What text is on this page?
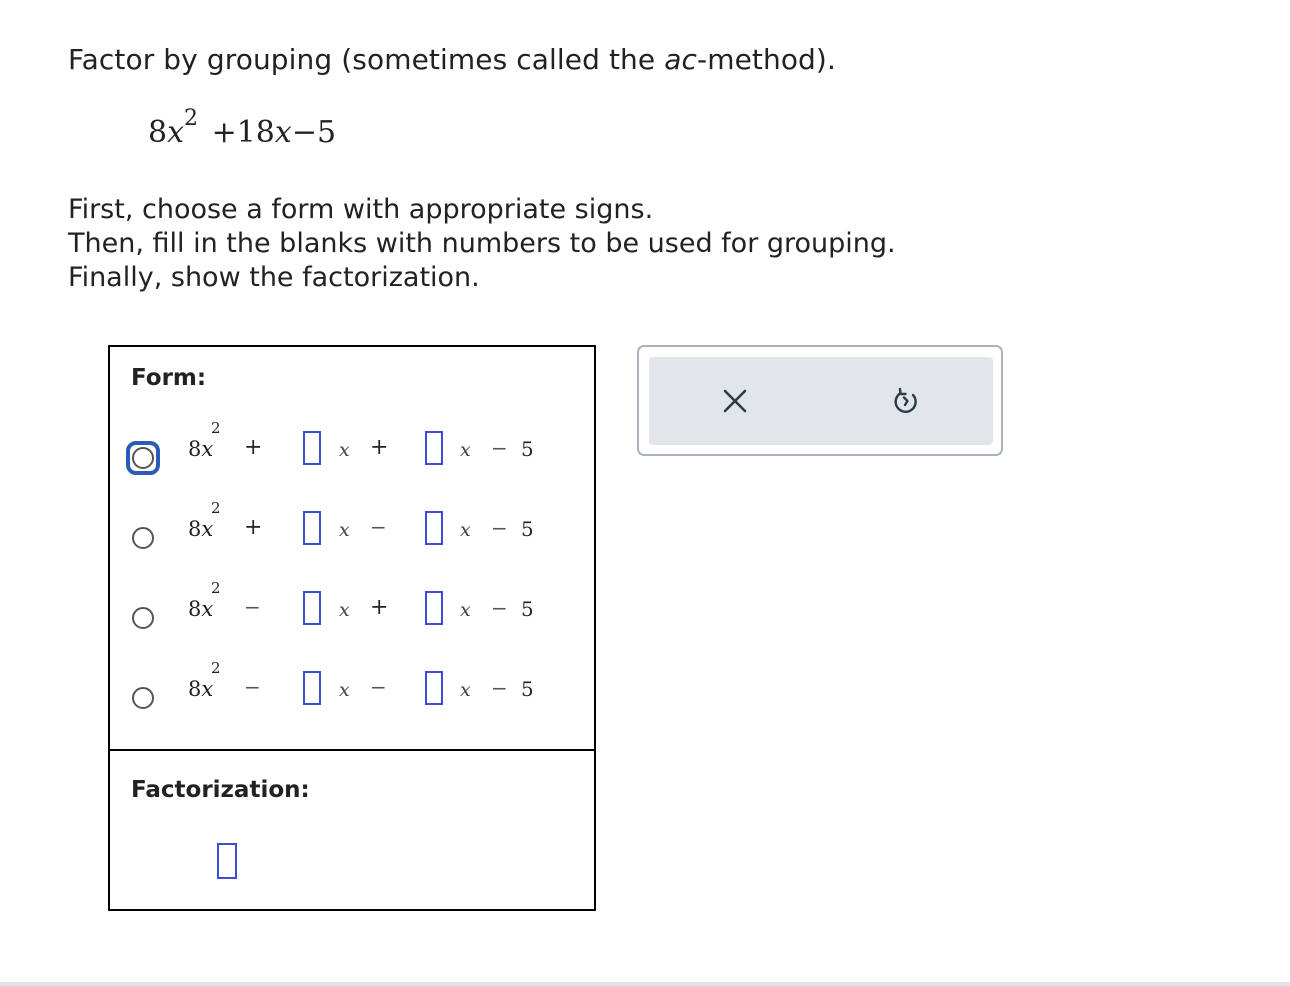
Factor by grouping (sometimes called the ac-method).
$8x^2 +18x-5$
First, choose a form with appropriate signs.
Then, fill in the blanks with numbers to be used for grouping.
Finally, show the factorization.
Form:
8x
2
+	x +	x − 5
8x
2
+	x −	x − 5
8x
2
−	x +	x − 5
8x
2
−	x −	x − 5
Factorization:
